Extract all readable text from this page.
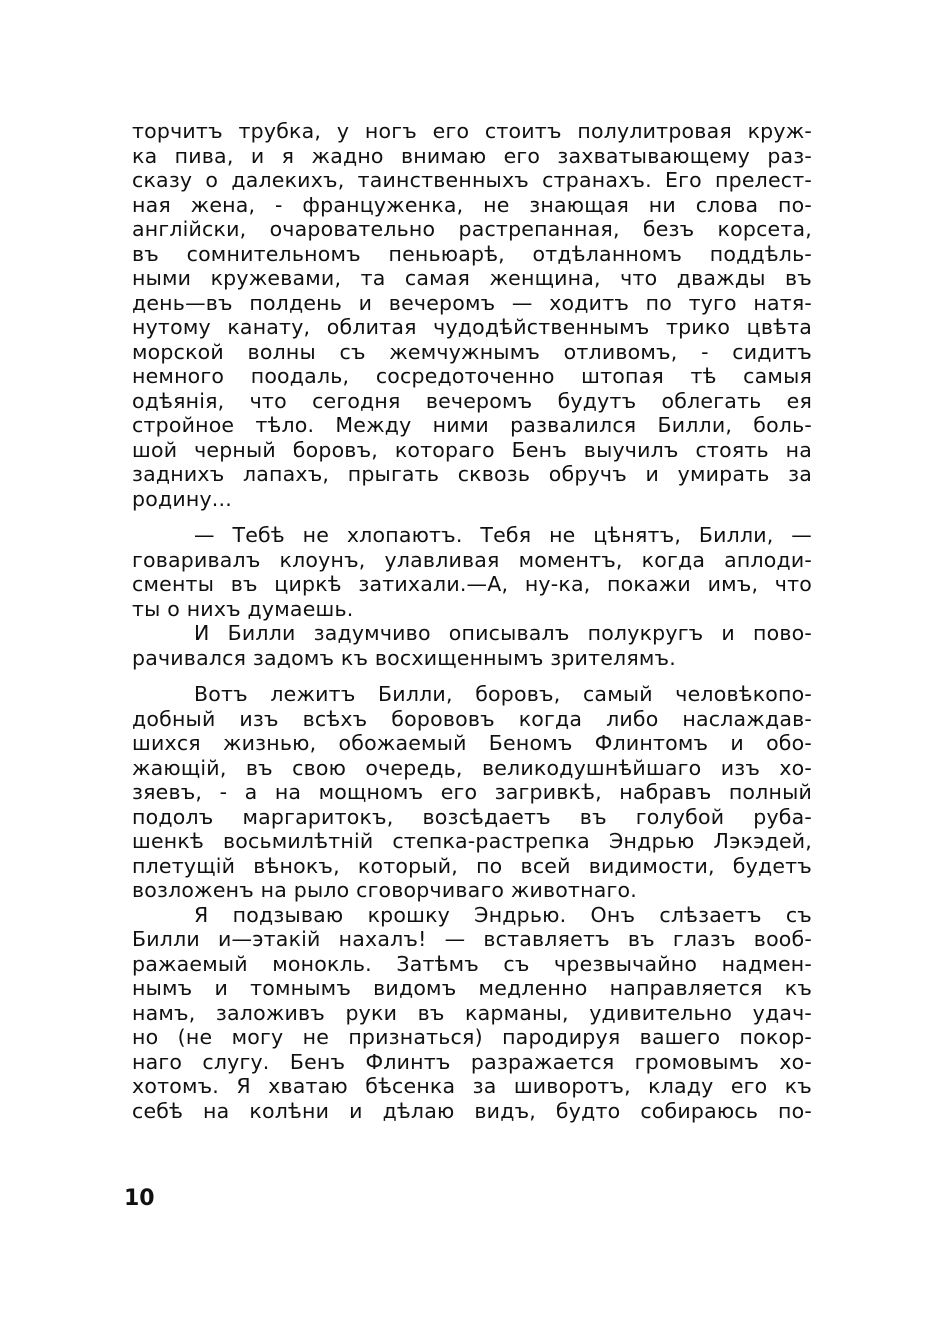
торчитъ трубка, у ногъ его стоитъ полулитровая круж-
ка пива, и я жадно внимаю его захватывающему раз-
сказу о далекихъ, таинственныхъ странахъ. Его прелест-
ная жена, - француженка, не знающая ни слова по-
англійски, очаровательно растрепанная, безъ корсета,
въ сомнительномъ пеньюарѣ, отдѣланномъ поддѣль-
ными кружевами, та самая женщина, что дважды въ
день—въ полдень и вечеромъ — ходитъ по туго натя-
нутому канату, облитая чудодѣйственнымъ трико цвѣта
морской волны съ жемчужнымъ отливомъ, - сидитъ
немного поодаль, сосредоточенно штопая тѣ самыя
одѣянія, что сегодня вечеромъ будутъ облегать ея
стройное тѣло. Между ними развалился Билли, боль-
шой черный боровъ, котораго Бенъ выучилъ стоять на
заднихъ лапахъ, прыгать сквозь обручъ и умирать за
родину...
— Тебѣ не хлопаютъ. Тебя не цѣнятъ, Билли, —
говаривалъ клоунъ, улавливая моментъ, когда аплоди-
сменты въ циркѣ затихали.—А, ну-ка, покажи имъ, что
ты о нихъ думаешь.
И Билли задумчиво описывалъ полукругъ и пово-
рачивался задомъ къ восхищеннымъ зрителямъ.
Вотъ лежитъ Билли, боровъ, самый человѣкопо-
добный изъ всѣхъ борововъ когда либо наслаждав-
шихся жизнью, обожаемый Беномъ Флинтомъ и обо-
жающій, въ свою очередь, великодушнѣйшаго изъ хо-
зяевъ, - а на мощномъ его загривкѣ, набравъ полный
подолъ маргаритокъ, возсѣдаетъ въ голубой руба-
шенкѣ восьмилѣтній степка-растрепка Эндрью Лэкэдей,
плетущій вѣнокъ, который, по всей видимости, будетъ
возложенъ на рыло сговорчиваго животнаго.
Я подзываю крошку Эндрью. Онъ слѣзаетъ съ
Билли и—этакій нахалъ! — вставляетъ въ глазъ вооб-
ражаемый монокль. Затѣмъ съ чрезвычайно надмен-
нымъ и томнымъ видомъ медленно направляется къ
намъ, заложивъ руки въ карманы, удивительно удач-
но (не могу не признаться) пародируя вашего покор-
наго слугу. Бенъ Флинтъ разражается громовымъ хо-
хотомъ. Я хватаю бѣсенка за шиворотъ, кладу его къ
себѣ на колѣни и дѣлаю видъ, будто собираюсь по-
10
